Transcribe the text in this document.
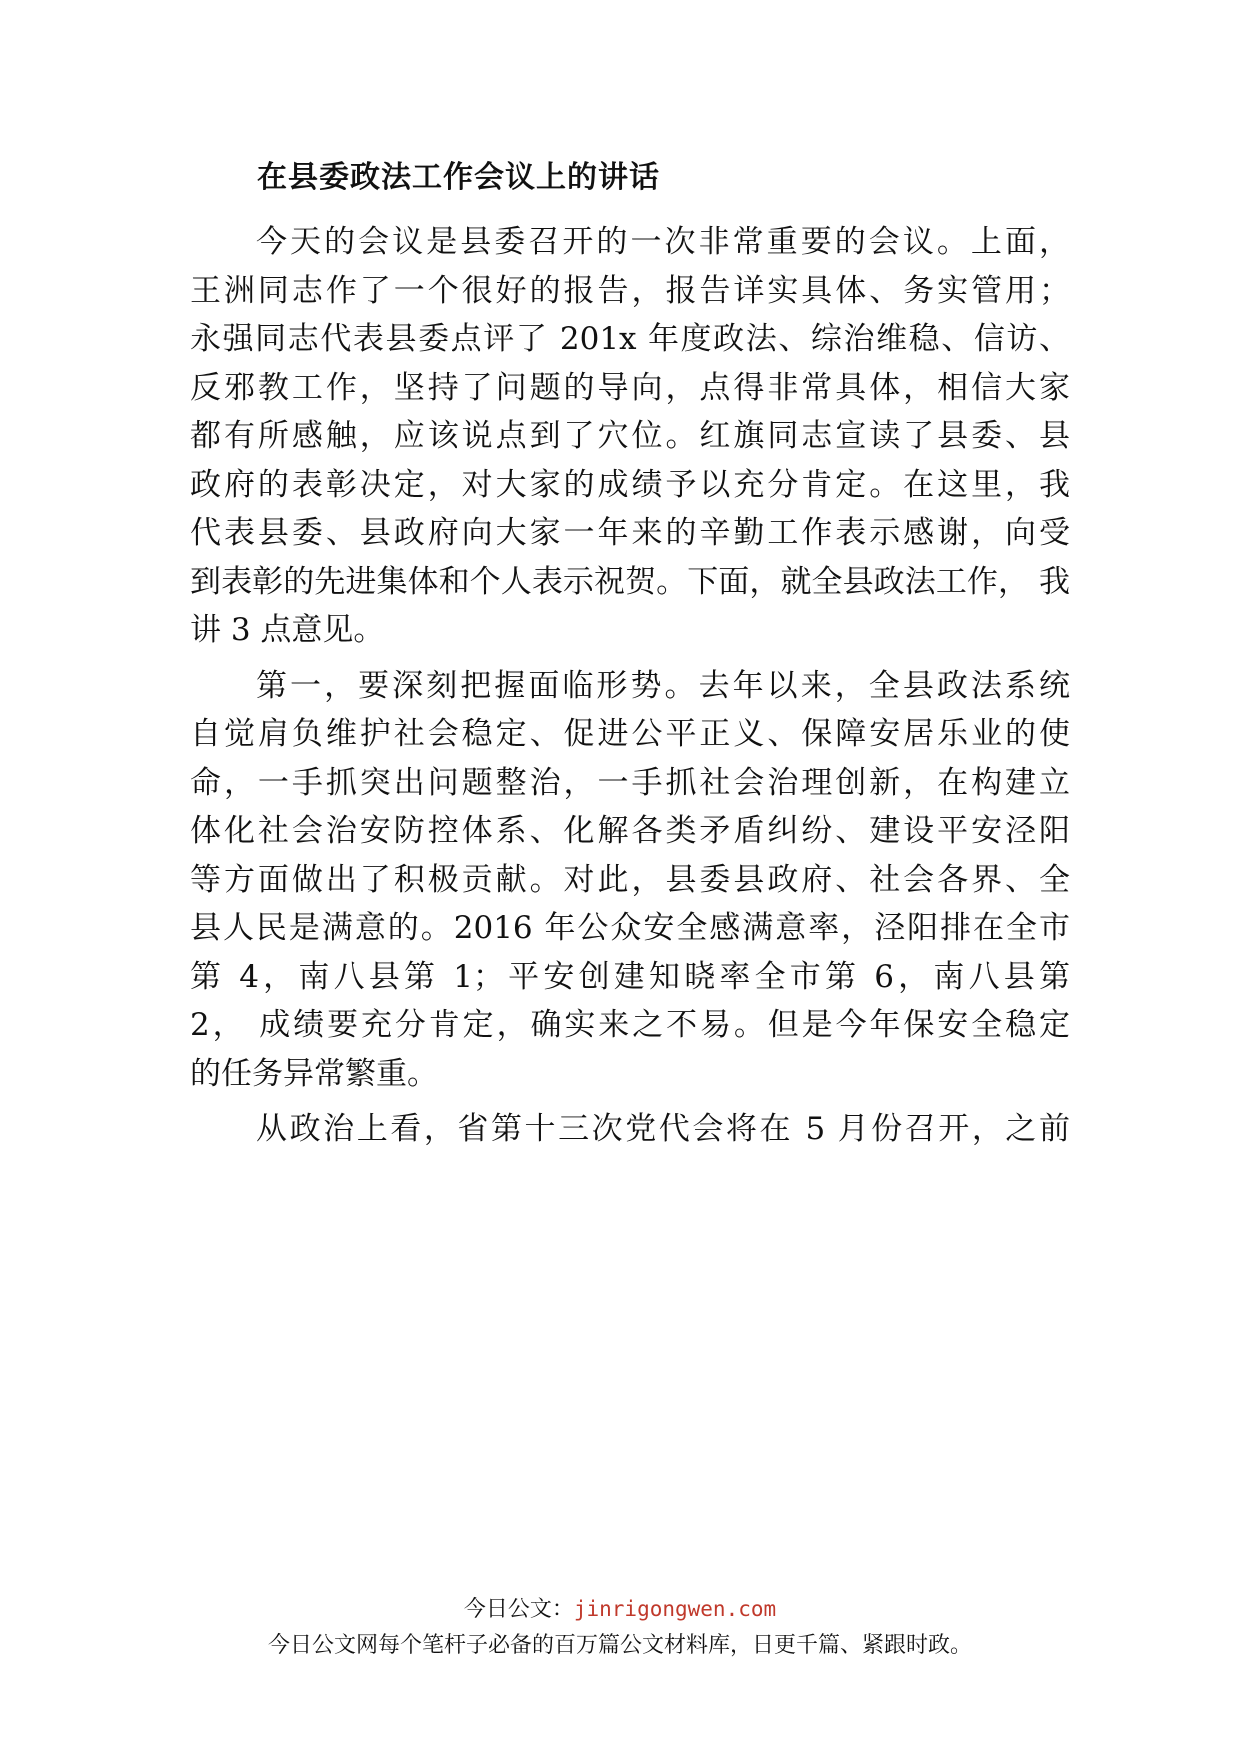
在县委政法工作会议上的讲话
今天的会议是县委召开的一次非常重要的会议。上面，
王洲同志作了一个很好的报告，报告详实具体、务实管用；
永强同志代表县委点评了 201x 年度政法、综治维稳、信访、
反邪教工作，坚持了问题的导向，点得非常具体，相信大家
都有所感触，应该说点到了穴位。红旗同志宣读了县委、县
政府的表彰决定，对大家的成绩予以充分肯定。在这里，我
代表县委、县政府向大家一年来的辛勤工作表示感谢，向受
到表彰的先进集体和个人表示祝贺。下面，就全县政法工作， 我
讲 3 点意见。
第一，要深刻把握面临形势。去年以来，全县政法系统
自觉肩负维护社会稳定、促进公平正义、保障安居乐业的使
命，一手抓突出问题整治，一手抓社会治理创新，在构建立
体化社会治安防控体系、化解各类矛盾纠纷、建设平安泾阳
等方面做出了积极贡献。对此，县委县政府、社会各界、全
县人民是满意的。2016 年公众安全感满意率，泾阳排在全市
第 4，南八县第 1；平安创建知晓率全市第 6，南八县第
2， 成绩要充分肯定，确实来之不易。但是今年保安全稳定
的任务异常繁重。
从政治上看，省第十三次党代会将在 5 月份召开，之前
今日公文：jinrigongwen.com
今日公文网每个笔杆子必备的百万篇公文材料库，日更千篇、紧跟时政。
